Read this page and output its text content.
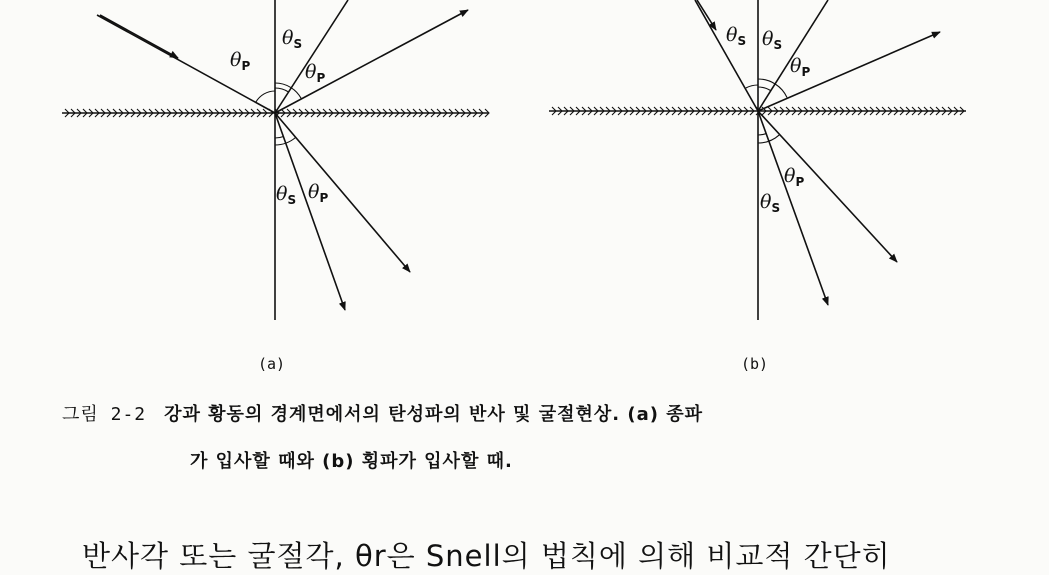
$\theta_P$
$\theta_S$
$\theta_P$
$\theta_S$ $\theta_P$
$\theta_S$ $\theta_S$
$\theta_P$
$\theta_P$
$\theta_S$
(a)	(b)
그림 2-2 강과 황동의 경계면에서의 탄성파의 반사 및 굴절현상. (a) 종파
가 입사할 때와 (b) 횡파가 입사할 때.
반사각 또는 굴절각, θr은 Snell의 법칙에 의해 비교적 간단히
